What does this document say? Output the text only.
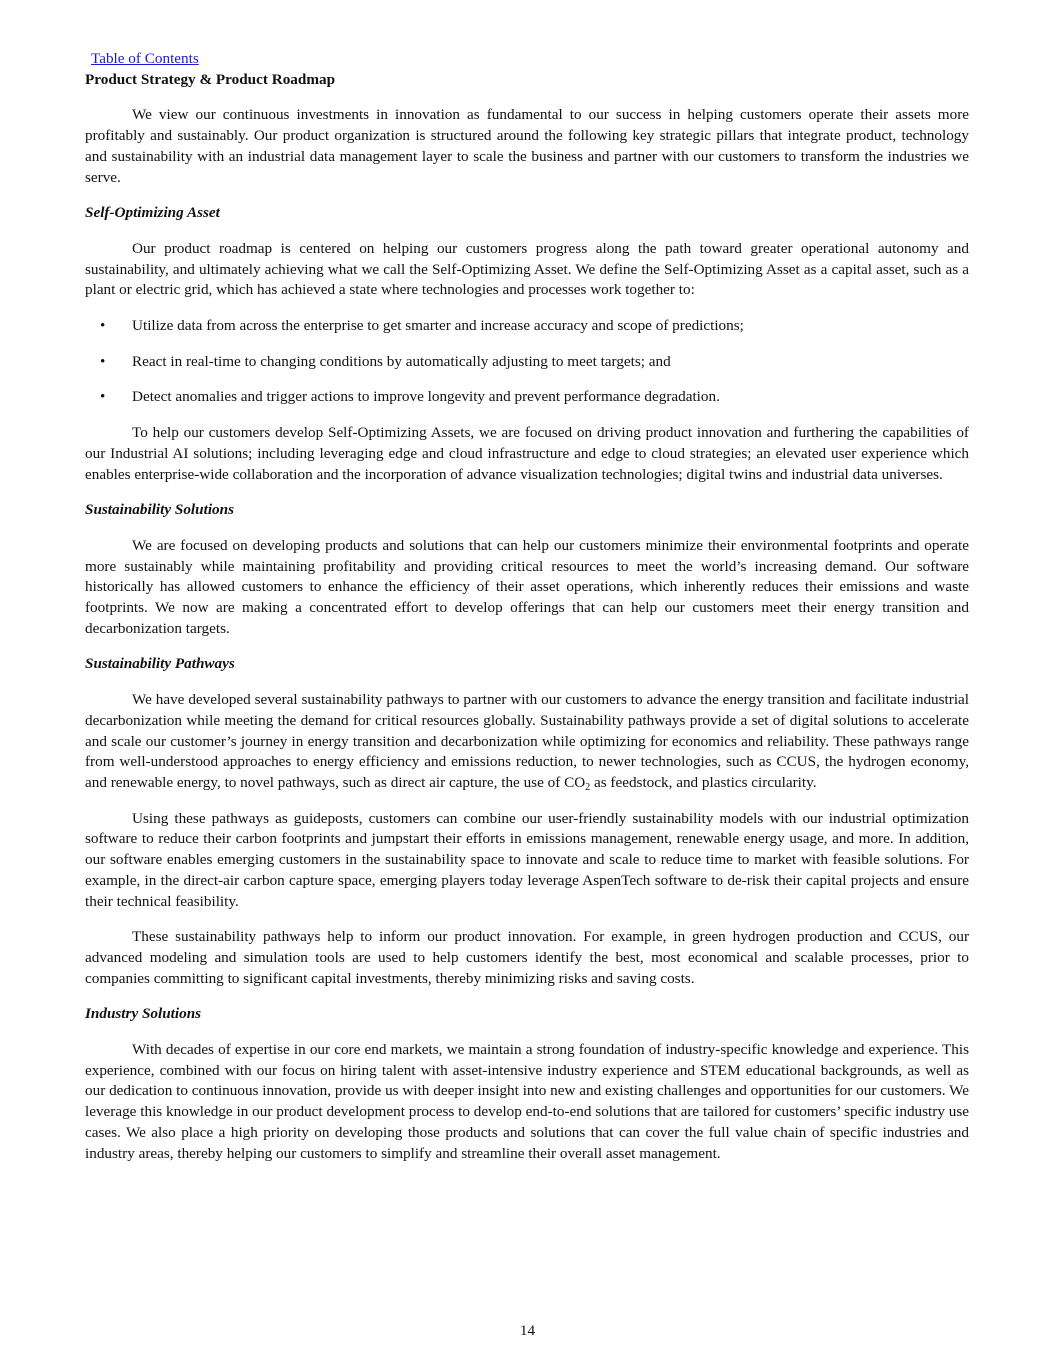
Table of Contents
Product Strategy & Product Roadmap

We view our continuous investments in innovation as fundamental to our success in helping customers operate their assets more profitably and sustainably. Our product organization is structured around the following key strategic pillars that integrate product, technology and sustainability with an industrial data management layer to scale the business and partner with our customers to transform the industries we serve.

Self-Optimizing Asset

Our product roadmap is centered on helping our customers progress along the path toward greater operational autonomy and sustainability, and ultimately achieving what we call the Self-Optimizing Asset. We define the Self-Optimizing Asset as a capital asset, such as a plant or electric grid, which has achieved a state where technologies and processes work together to:

• Utilize data from across the enterprise to get smarter and increase accuracy and scope of predictions;
• React in real-time to changing conditions by automatically adjusting to meet targets; and
• Detect anomalies and trigger actions to improve longevity and prevent performance degradation.

To help our customers develop Self-Optimizing Assets, we are focused on driving product innovation and furthering the capabilities of our Industrial AI solutions; including leveraging edge and cloud infrastructure and edge to cloud strategies; an elevated user experience which enables enterprise-wide collaboration and the incorporation of advance visualization technologies; digital twins and industrial data universes.

Sustainability Solutions

We are focused on developing products and solutions that can help our customers minimize their environmental footprints and operate more sustainably while maintaining profitability and providing critical resources to meet the world’s increasing demand. Our software historically has allowed customers to enhance the efficiency of their asset operations, which inherently reduces their emissions and waste footprints. We now are making a concentrated effort to develop offerings that can help our customers meet their energy transition and decarbonization targets.

Sustainability Pathways

We have developed several sustainability pathways to partner with our customers to advance the energy transition and facilitate industrial decarbonization while meeting the demand for critical resources globally. Sustainability pathways provide a set of digital solutions to accelerate and scale our customer’s journey in energy transition and decarbonization while optimizing for economics and reliability. These pathways range from well-understood approaches to energy efficiency and emissions reduction, to newer technologies, such as CCUS, the hydrogen economy, and renewable energy, to novel pathways, such as direct air capture, the use of $CO_2$ as feedstock, and plastics circularity.

Using these pathways as guideposts, customers can combine our user-friendly sustainability models with our industrial optimization software to reduce their carbon footprints and jumpstart their efforts in emissions management, renewable energy usage, and more. In addition, our software enables emerging customers in the sustainability space to innovate and scale to reduce time to market with feasible solutions. For example, in the direct-air carbon capture space, emerging players today leverage AspenTech software to de-risk their capital projects and ensure their technical feasibility.

These sustainability pathways help to inform our product innovation. For example, in green hydrogen production and CCUS, our advanced modeling and simulation tools are used to help customers identify the best, most economical and scalable processes, prior to companies committing to significant capital investments, thereby minimizing risks and saving costs.

Industry Solutions

With decades of expertise in our core end markets, we maintain a strong foundation of industry-specific knowledge and experience. This experience, combined with our focus on hiring talent with asset-intensive industry experience and STEM educational backgrounds, as well as our dedication to continuous innovation, provide us with deeper insight into new and existing challenges and opportunities for our customers. We leverage this knowledge in our product development process to develop end-to-end solutions that are tailored for customers’ specific industry use cases. We also place a high priority on developing those products and solutions that can cover the full value chain of specific industries and industry areas, thereby helping our customers to simplify and streamline their overall asset management.

14
